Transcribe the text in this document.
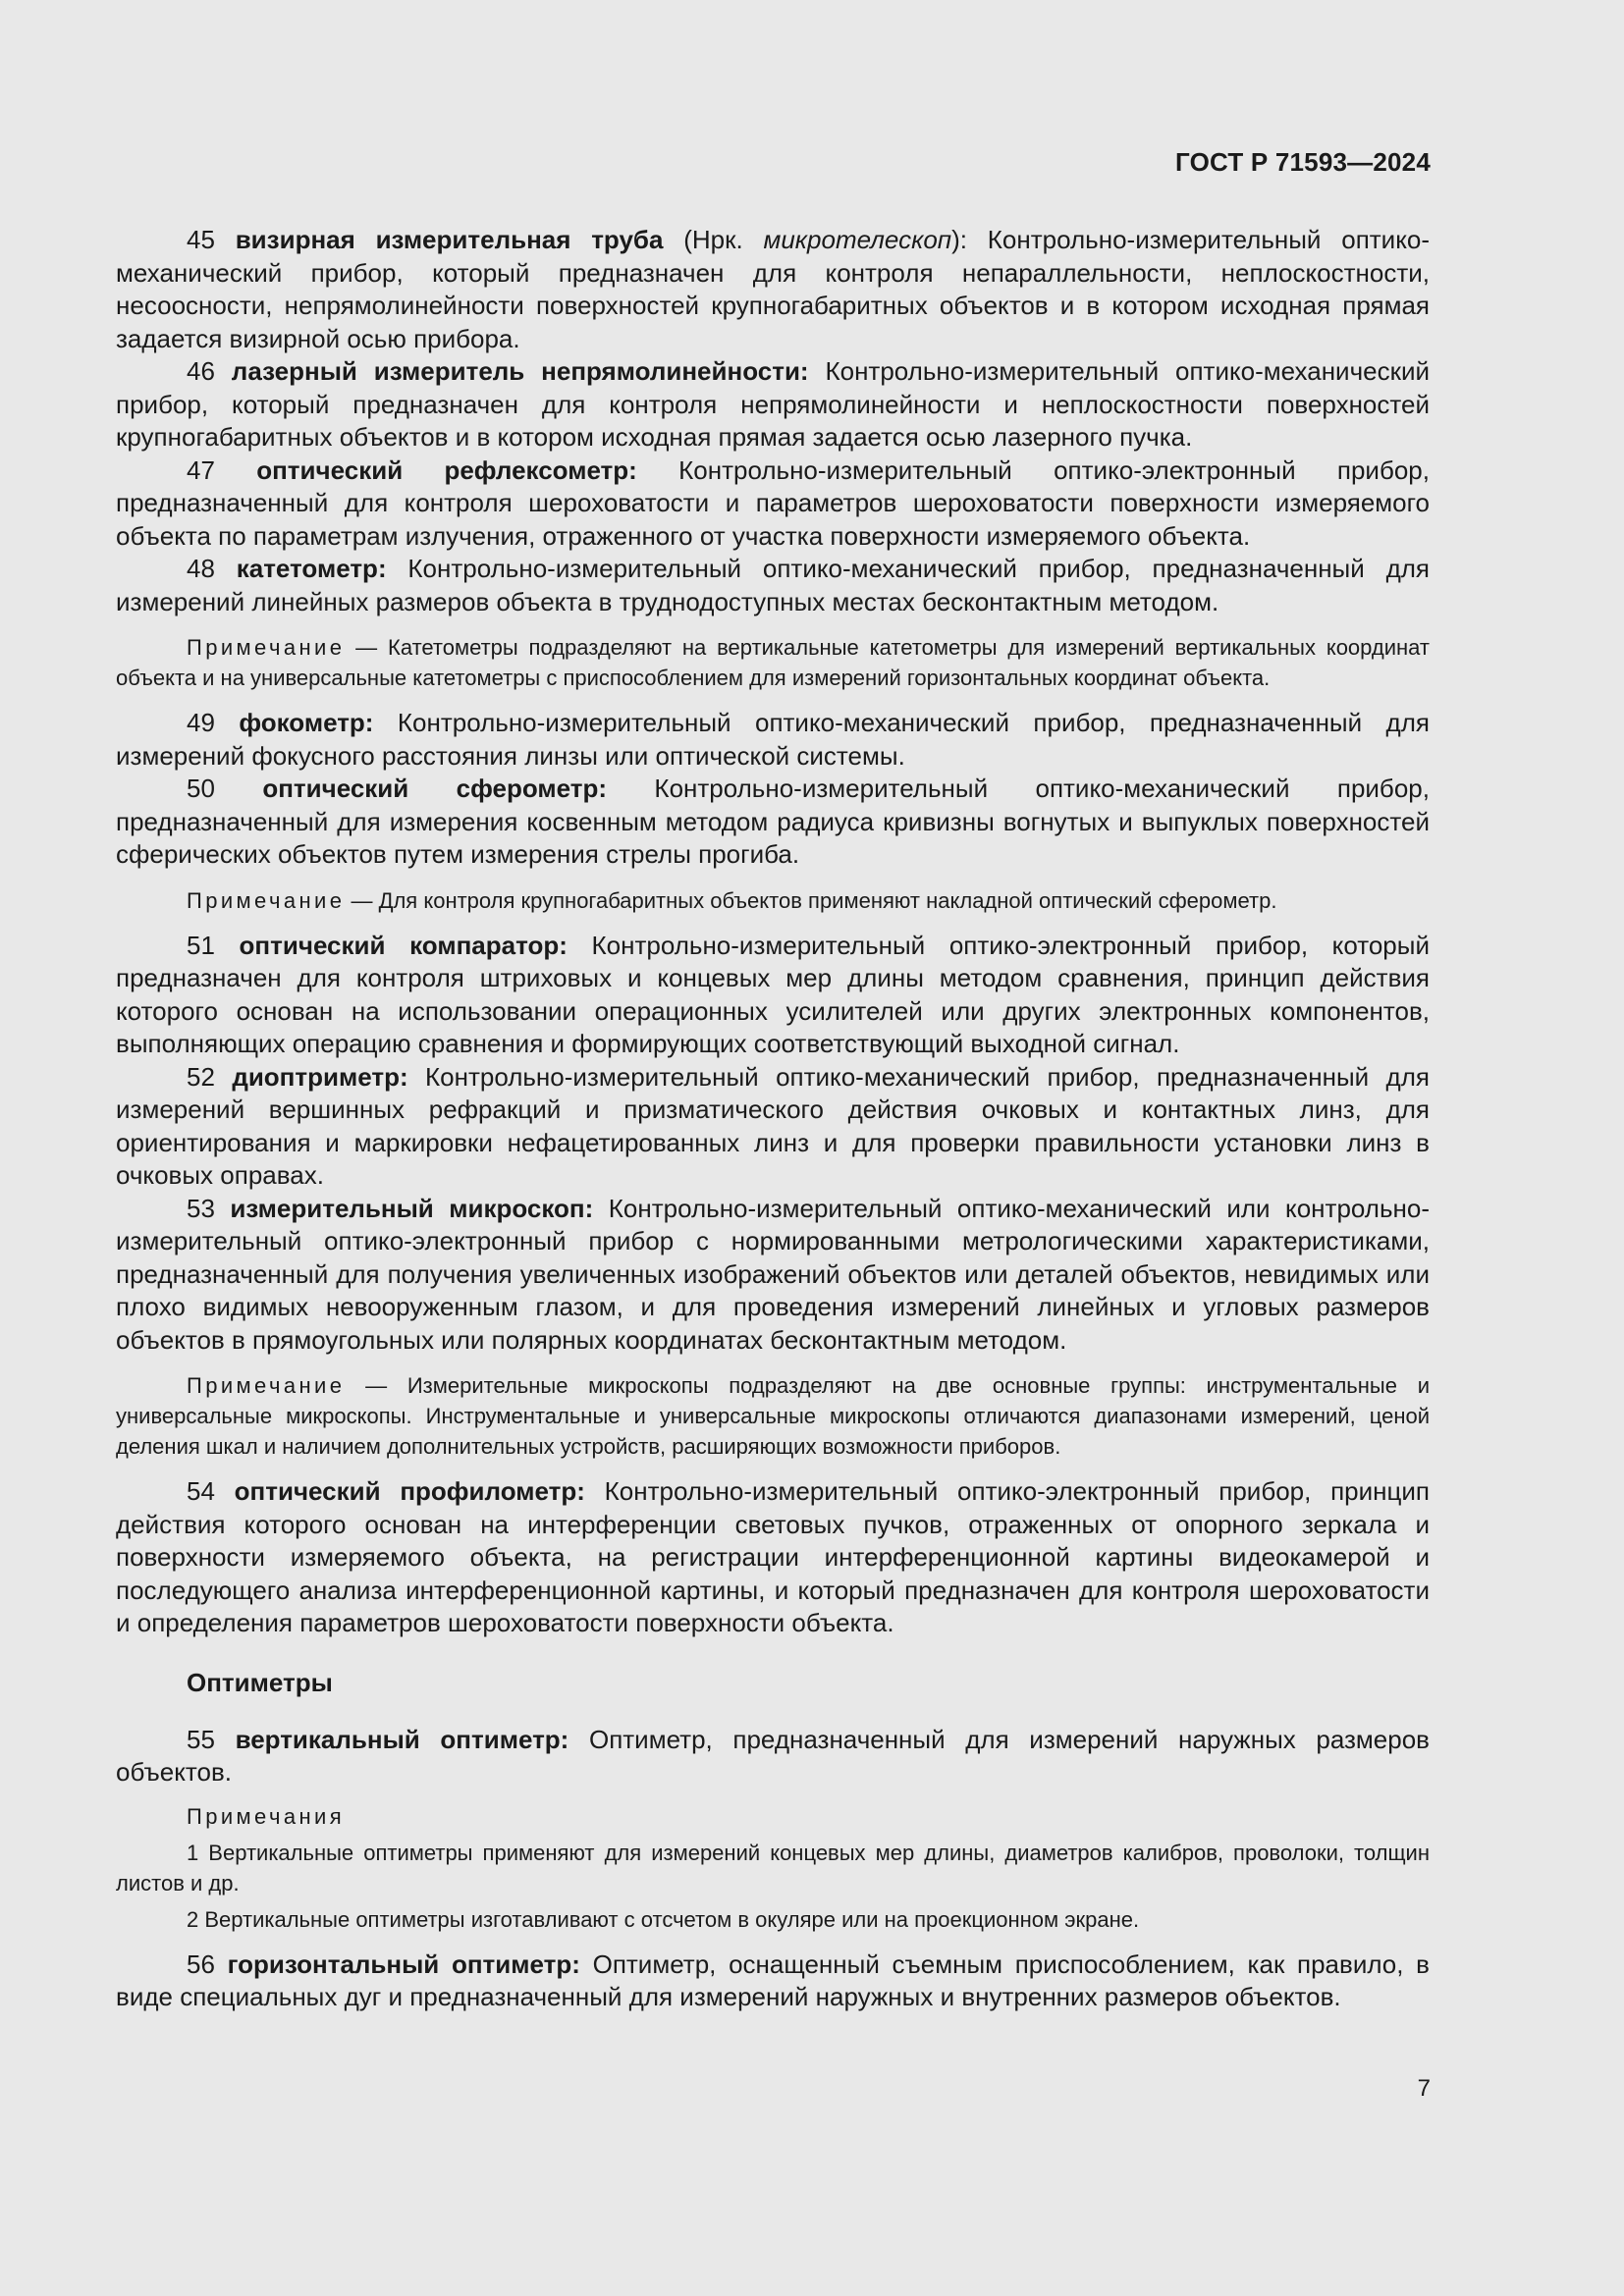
ГОСТ Р 71593—2024

45 визирная измерительная труба (Нрк. микротелескоп): Контрольно-измерительный оптико-механический прибор, который предназначен для контроля непараллельности, неплоскостности, несоосности, непрямолинейности поверхностей крупногабаритных объектов и в котором исходная прямая задается визирной осью прибора.

46 лазерный измеритель непрямолинейности: Контрольно-измерительный оптико-механический прибор, который предназначен для контроля непрямолинейности и неплоскостности поверхностей крупногабаритных объектов и в котором исходная прямая задается осью лазерного пучка.

47 оптический рефлексометр: Контрольно-измерительный оптико-электронный прибор, предназначенный для контроля шероховатости и параметров шероховатости поверхности измеряемого объекта по параметрам излучения, отраженного от участка поверхности измеряемого объекта.

48 катетометр: Контрольно-измерительный оптико-механический прибор, предназначенный для измерений линейных размеров объекта в труднодоступных местах бесконтактным методом.

Примечание — Катетометры подразделяют на вертикальные катетометры для измерений вертикальных координат объекта и на универсальные катетометры с приспособлением для измерений горизонтальных координат объекта.

49 фокометр: Контрольно-измерительный оптико-механический прибор, предназначенный для измерений фокусного расстояния линзы или оптической системы.

50 оптический сферометр: Контрольно-измерительный оптико-механический прибор, предназначенный для измерения косвенным методом радиуса кривизны вогнутых и выпуклых поверхностей сферических объектов путем измерения стрелы прогиба.

Примечание — Для контроля крупногабаритных объектов применяют накладной оптический сферометр.

51 оптический компаратор: Контрольно-измерительный оптико-электронный прибор, который предназначен для контроля штриховых и концевых мер длины методом сравнения, принцип действия которого основан на использовании операционных усилителей или других электронных компонентов, выполняющих операцию сравнения и формирующих соответствующий выходной сигнал.

52 диоптриметр: Контрольно-измерительный оптико-механический прибор, предназначенный для измерений вершинных рефракций и призматического действия очковых и контактных линз, для ориентирования и маркировки нефацетированных линз и для проверки правильности установки линз в очковых оправах.

53 измерительный микроскоп: Контрольно-измерительный оптико-механический или контрольно-измерительный оптико-электронный прибор с нормированными метрологическими характеристиками, предназначенный для получения увеличенных изображений объектов или деталей объектов, невидимых или плохо видимых невооруженным глазом, и для проведения измерений линейных и угловых размеров объектов в прямоугольных или полярных координатах бесконтактным методом.

Примечание — Измерительные микроскопы подразделяют на две основные группы: инструментальные и универсальные микроскопы. Инструментальные и универсальные микроскопы отличаются диапазонами измерений, ценой деления шкал и наличием дополнительных устройств, расширяющих возможности приборов.

54 оптический профилометр: Контрольно-измерительный оптико-электронный прибор, принцип действия которого основан на интерференции световых пучков, отраженных от опорного зеркала и поверхности измеряемого объекта, на регистрации интерференционной картины видеокамерой и последующего анализа интерференционной картины, и который предназначен для контроля шероховатости и определения параметров шероховатости поверхности объекта.

Оптиметры

55 вертикальный оптиметр: Оптиметр, предназначенный для измерений наружных размеров объектов.

Примечания

1 Вертикальные оптиметры применяют для измерений концевых мер длины, диаметров калибров, проволоки, толщин листов и др.

2 Вертикальные оптиметры изготавливают с отсчетом в окуляре или на проекционном экране.

56 горизонтальный оптиметр: Оптиметр, оснащенный съемным приспособлением, как правило, в виде специальных дуг и предназначенный для измерений наружных и внутренних размеров объектов.

7
